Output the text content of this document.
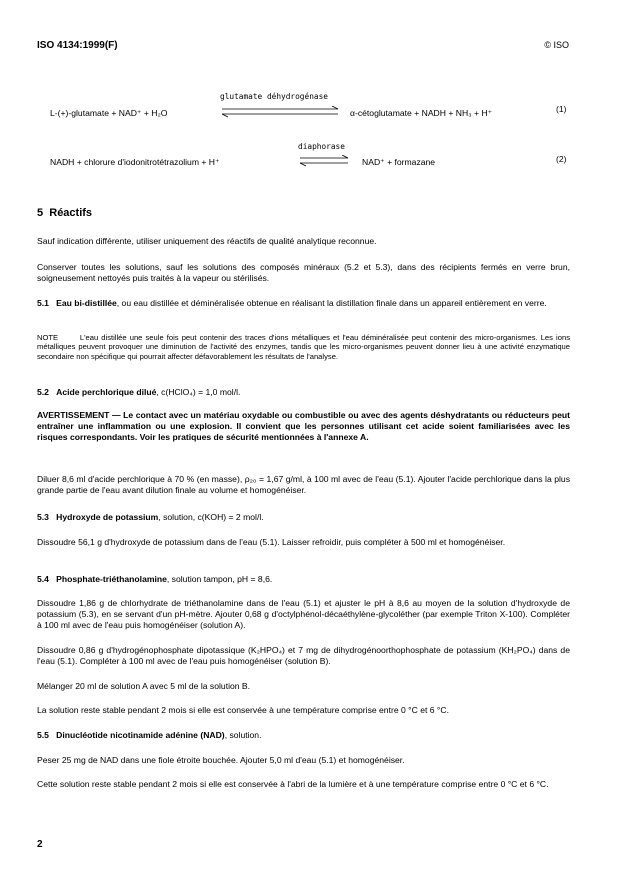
ISO 4134:1999(F)	© ISO
L-(+)-glutamate + NAD⁺ + H₂O
glutamate déhydrogénase
α-cétoglutamate + NADH + NH₃ + H⁺	(1)
NADH + chlorure d'iodonitrotétrazolium + H⁺
diaphorase
NAD⁺ + formazane	(2)
5 Réactifs
Sauf indication différente, utiliser uniquement des réactifs de qualité analytique reconnue.
Conserver toutes les solutions, sauf les solutions des composés minéraux (5.2 et 5.3), dans des récipients fermés en verre brun, soigneusement nettoyés puis traités à la vapeur ou stérilisés.
5.1 Eau bi-distillée, ou eau distillée et déminéralisée obtenue en réalisant la distillation finale dans un appareil entièrement en verre.
NOTE	L'eau distillée une seule fois peut contenir des traces d'ions métalliques et l'eau déminéralisée peut contenir des micro-organismes. Les ions métalliques peuvent provoquer une diminution de l'activité des enzymes, tandis que les micro-organismes peuvent donner lieu à une activité enzymatique secondaire non spécifique qui pourrait affecter défavorablement les résultats de l'analyse.
5.2 Acide perchlorique dilué, c(HClO₄) = 1,0 mol/l.
AVERTISSEMENT — Le contact avec un matériau oxydable ou combustible ou avec des agents déshydratants ou réducteurs peut entraîner une inflammation ou une explosion. Il convient que les personnes utilisant cet acide soient familiarisées avec les risques correspondants. Voir les pratiques de sécurité mentionnées à l'annexe A.
Diluer 8,6 ml d'acide perchlorique à 70 % (en masse), ρ₂₀ = 1,67 g/ml, à 100 ml avec de l'eau (5.1). Ajouter l'acide perchlorique dans la plus grande partie de l'eau avant dilution finale au volume et homogénéiser.
5.3 Hydroxyde de potassium, solution, c(KOH) = 2 mol/l.
Dissoudre 56,1 g d'hydroxyde de potassium dans de l'eau (5.1). Laisser refroidir, puis compléter à 500 ml et homogénéiser.
5.4 Phosphate-triéthanolamine, solution tampon, pH = 8,6.
Dissoudre 1,86 g de chlorhydrate de triéthanolamine dans de l'eau (5.1) et ajuster le pH à 8,6 au moyen de la solution d'hydroxyde de potassium (5.3), en se servant d'un pH-mètre. Ajouter 0,68 g d'octylphénol-décaéthylène-glycoléther (par exemple Triton X-100). Compléter à 100 ml avec de l'eau puis homogénéiser (solution A).
Dissoudre 0,86 g d'hydrogénophosphate dipotassique (K₂HPO₄) et 7 mg de dihydrogénoorthophosphate de potassium (KH₂PO₄) dans de l'eau (5.1). Compléter à 100 ml avec de l'eau puis homogénéiser (solution B).
Mélanger 20 ml de solution A avec 5 ml de la solution B.
La solution reste stable pendant 2 mois si elle est conservée à une température comprise entre 0 °C et 6 °C.
5.5 Dinucléotide nicotinamide adénine (NAD), solution.
Peser 25 mg de NAD dans une fiole étroite bouchée. Ajouter 5,0 ml d'eau (5.1) et homogénéiser.
Cette solution reste stable pendant 2 mois si elle est conservée à l'abri de la lumière et à une température comprise entre 0 °C et 6 °C.
2
